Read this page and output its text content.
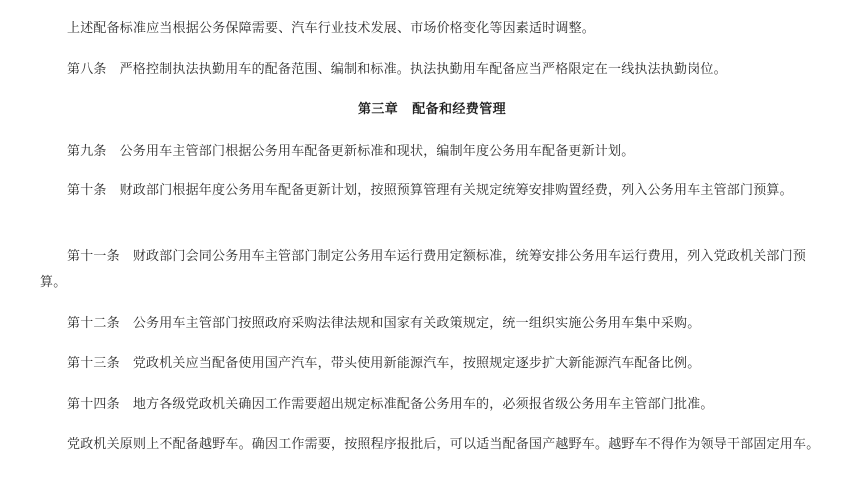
上述配备标准应当根据公务保障需要、汽车行业技术发展、市场价格变化等因素适时调整。

第八条 严格控制执法执勤用车的配备范围、编制和标准。执法执勤用车配备应当严格限定在一线执法执勤岗位。

第三章 配备和经费管理

第九条 公务用车主管部门根据公务用车配备更新标准和现状，编制年度公务用车配备更新计划。

第十条 财政部门根据年度公务用车配备更新计划，按照预算管理有关规定统筹安排购置经费，列入公务用车主管部门预算。

第十一条 财政部门会同公务用车主管部门制定公务用车运行费用定额标准，统筹安排公务用车运行费用，列入党政机关部门预算。

第十二条 公务用车主管部门按照政府采购法律法规和国家有关政策规定，统一组织实施公务用车集中采购。

第十三条 党政机关应当配备使用国产汽车，带头使用新能源汽车，按照规定逐步扩大新能源汽车配备比例。

第十四条 地方各级党政机关确因工作需要超出规定标准配备公务用车的，必须报省级公务用车主管部门批准。

党政机关原则上不配备越野车。确因工作需要，按照程序报批后，可以适当配备国产越野车。越野车不得作为领导干部固定用车。
